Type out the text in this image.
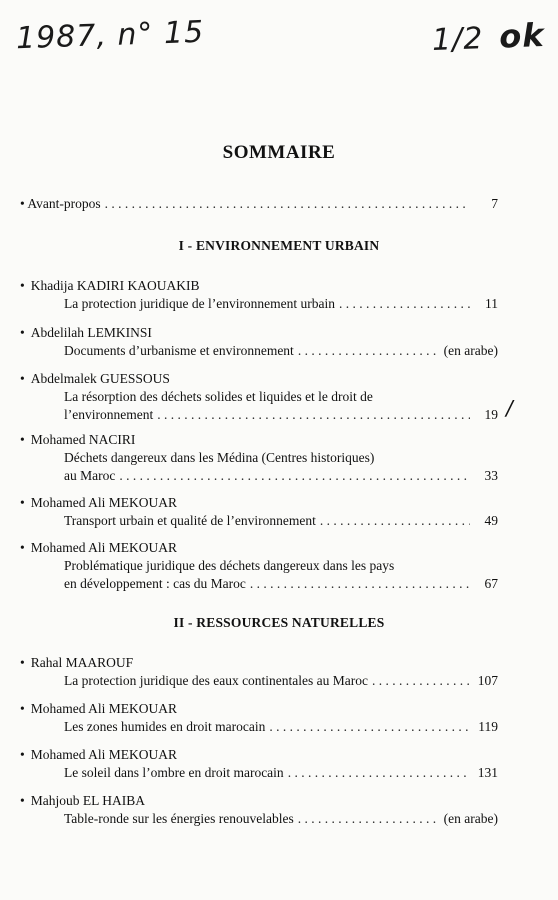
1987, n° 15	1/2 ok
SOMMAIRE
• Avant-propos . . .	7
I - ENVIRONNEMENT URBAIN
• Khadija KADIRI KAOUAKIB
La protection juridique de l’environnement urbain . . .	11
• Abdelilah LEMKINSI
Documents d’urbanisme et environnement . . .	(en arabe)
• Abdelmalek GUESSOUS
La résorption des déchets solides et liquides et le droit de
l’environnement . . .	19 /
• Mohamed NACIRI
Déchets dangereux dans les Médina (Centres historiques)
au Maroc . . .	33
• Mohamed Ali MEKOUAR
Transport urbain et qualité de l’environnement . . .	49
• Mohamed Ali MEKOUAR
Problématique juridique des déchets dangereux dans les pays
en développement : cas du Maroc . . .	67
II - RESSOURCES NATURELLES
• Rahal MAAROUF
La protection juridique des eaux continentales au Maroc . . .	107
• Mohamed Ali MEKOUAR
Les zones humides en droit marocain . . .	119
• Mohamed Ali MEKOUAR
Le soleil dans l’ombre en droit marocain . . .	131
• Mahjoub EL HAIBA
Table-ronde sur les énergies renouvelables . . .	(en arabe)
